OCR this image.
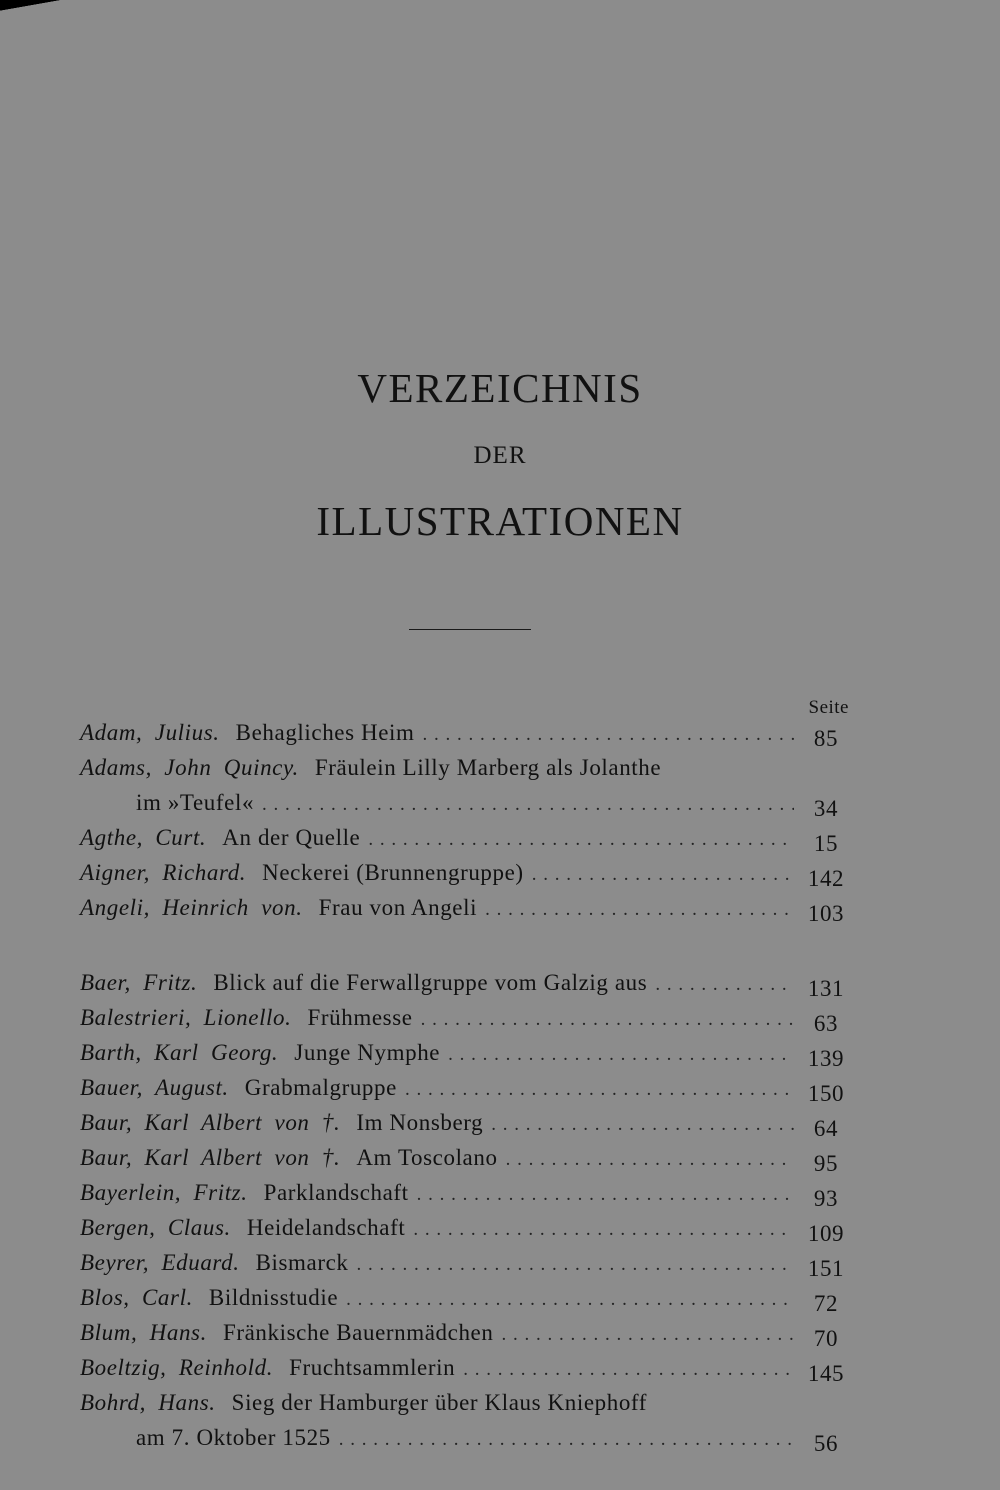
VERZEICHNIS
DER
ILLUSTRATIONEN
Seite
Adam, Julius. Behagliches Heim . . .	85
Adams, John Quincy. Fräulein Lilly Marberg als Jolanthe
im »Teufel« . . .	34
Agthe, Curt. An der Quelle . . .	15
Aigner, Richard. Neckerei (Brunnengruppe) . . .	142
Angeli, Heinrich von. Frau von Angeli . . .	103
Baer, Fritz. Blick auf die Ferwallgruppe vom Galzig aus . . .	131
Balestrieri, Lionello. Frühmesse . . .	63
Barth, Karl Georg. Junge Nymphe . . .	139
Bauer, August. Grabmalgruppe . . .	150
Baur, Karl Albert von †. Im Nonsberg . . .	64
Baur, Karl Albert von †. Am Toscolano . . .	95
Bayerlein, Fritz. Parklandschaft . . .	93
Bergen, Claus. Heidelandschaft . . .	109
Beyrer, Eduard. Bismarck . . .	151
Blos, Carl. Bildnisstudie . . .	72
Blum, Hans. Fränkische Bauernmädchen . . .	70
Boeltzig, Reinhold. Fruchtsammlerin . . .	145
Bohrd, Hans. Sieg der Hamburger über Klaus Kniephoff
am 7. Oktober 1525 . . .	56
